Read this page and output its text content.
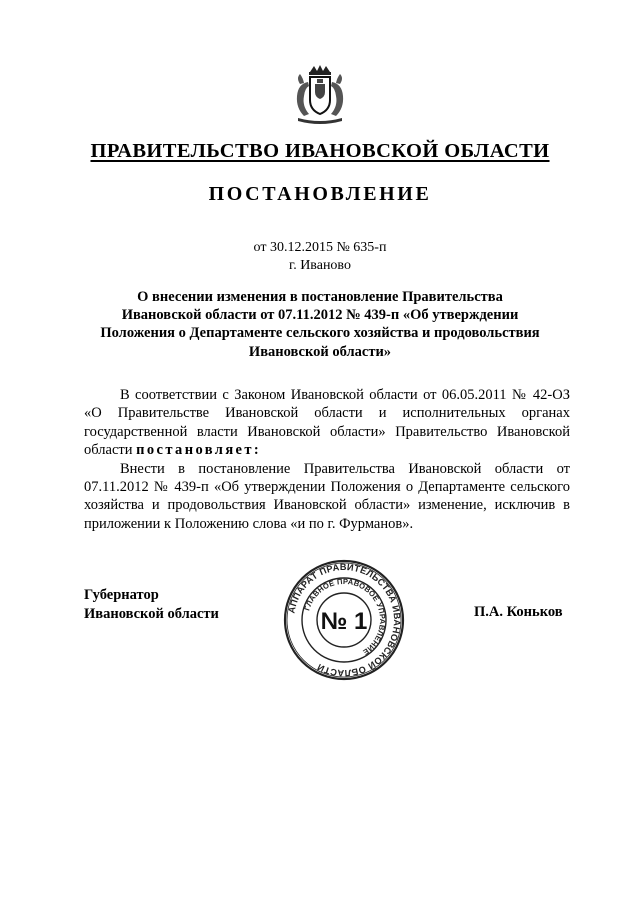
ПРАВИТЕЛЬСТВО ИВАНОВСКОЙ ОБЛАСТИ
ПОСТАНОВЛЕНИЕ
от 30.12.2015 № 635-п
г. Иваново
О внесении изменения в постановление Правительства
Ивановской области от 07.11.2012 № 439-п «Об утверждении
Положения о Департаменте сельского хозяйства и продовольствия
Ивановской области»

В соответствии с Законом Ивановской области от 06.05.2011 № 42-ОЗ «О Правительстве Ивановской области и исполнительных органах государственной власти Ивановской области» Правительство Ивановской области постановляет:

Внести в постановление Правительства Ивановской области от 07.11.2012 № 439-п «Об утверждении Положения о Департаменте сельского хозяйства и продовольствия Ивановской области» изменение, исключив в приложении к Положению слова «и по г. Фурманов».

Губернатор
Ивановской области	П.А. Коньков
АППАРАТ ПРАВИТЕЛЬСТВА ИВАНОВСКОЙ ОБЛАСТИ
ГЛАВНОЕ ПРАВОВОЕ УПРАВЛЕНИЕ
№ 1
